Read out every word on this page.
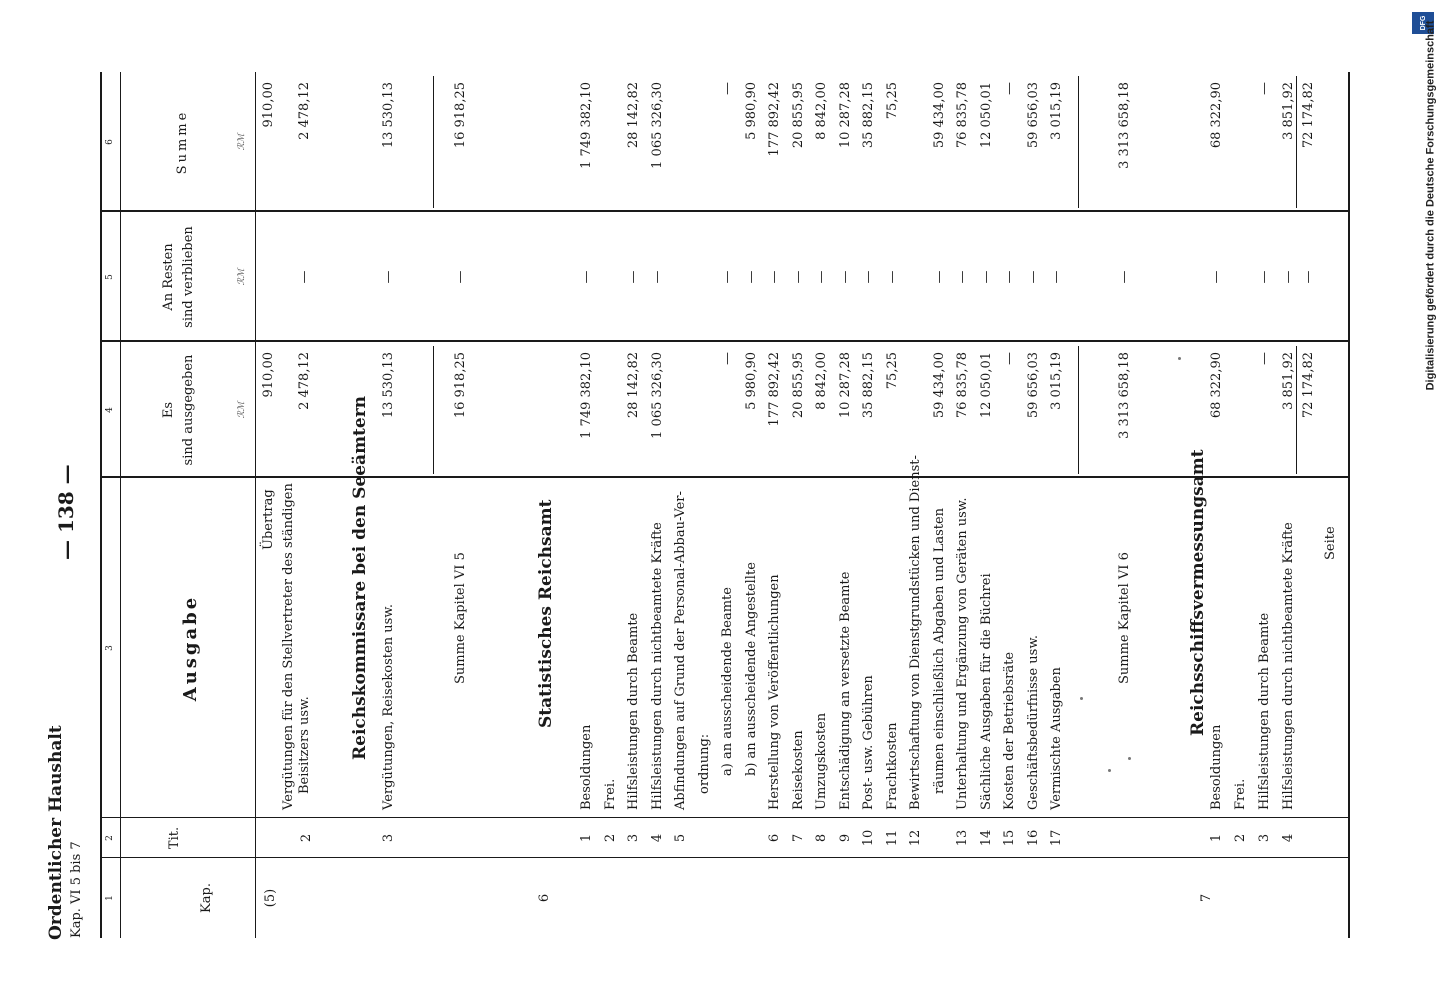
Ordentlicher Haushalt Kap. VI 5 bis 7
— 138 —
1
2
3
4
5
6
Kap.
Tit.
Ausgabe
Es sind ausgegeben
An Resten sind verblieben
Summe
ℛℳ
ℛℳ
ℛℳ
Übertrag
910,00
910,00
(5)
2
Vergütungen für den Stellvertreter des ständigen Beisitzers usw.
2 478,12
—
2 478,12
Reichskommissare bei den Seeämtern
3
Vergütungen, Reisekosten usw.
13 530,13
—
13 530,13
Summe Kapitel VI 5
16 918,25
—
16 918,25
6
Statistisches Reichsamt
1
Besoldungen
1 749 382,10
—
1 749 382,10
2
Frei.
3
Hilfsleistungen durch Beamte
28 142,82
—
28 142,82
4
Hilfsleistungen durch nichtbeamtete Kräfte
1 065 326,30
—
1 065 326,30
5
Abfindungen auf Grund der Personal-Abbau-Ver- ordnung: a) an ausscheidende Beamte
—
—
—
b) an ausscheidende Angestellte
5 980,90
—
5 980,90
6
Herstellung von Veröffentlichungen
177 892,42
—
177 892,42
7
Reisekosten
20 855,95
—
20 855,95
8
Umzugskosten
8 842,00
—
8 842,00
9
Entschädigung an versetzte Beamte
10 287,28
—
10 287,28
10
Post- usw. Gebühren
35 882,15
—
35 882,15
11
Frachtkosten
75,25
—
75,25
12
Bewirtschaftung von Dienstgrundstücken und Dienst- räumen einschließlich Abgaben und Lasten
59 434,00
—
59 434,00
13
Unterhaltung und Ergänzung von Geräten usw.
76 835,78
—
76 835,78
14
Sächliche Ausgaben für die Büchrei
12 050,01
—
12 050,01
15
Kosten der Betriebsräte
—
—
—
16
Geschäftsbedürfnisse usw.
59 656,03
—
59 656,03
17
Vermischte Ausgaben
3 015,19
—
3 015,19
Summe Kapitel VI 6
3 313 658,18
—
3 313 658,18
7
Reichsschiffsvermessungsamt
1
Besoldungen
68 322,90
—
68 322,90
2
Frei.
3
Hilfsleistungen durch Beamte
—
—
—
4
Hilfsleistungen durch nichtbeamtete Kräfte
3 851,92
—
3 851,92
Seite
72 174,82
—
72 174,82
DFG
Digitalisierung gefördert durch die Deutsche Forschungsgemeinschaft
